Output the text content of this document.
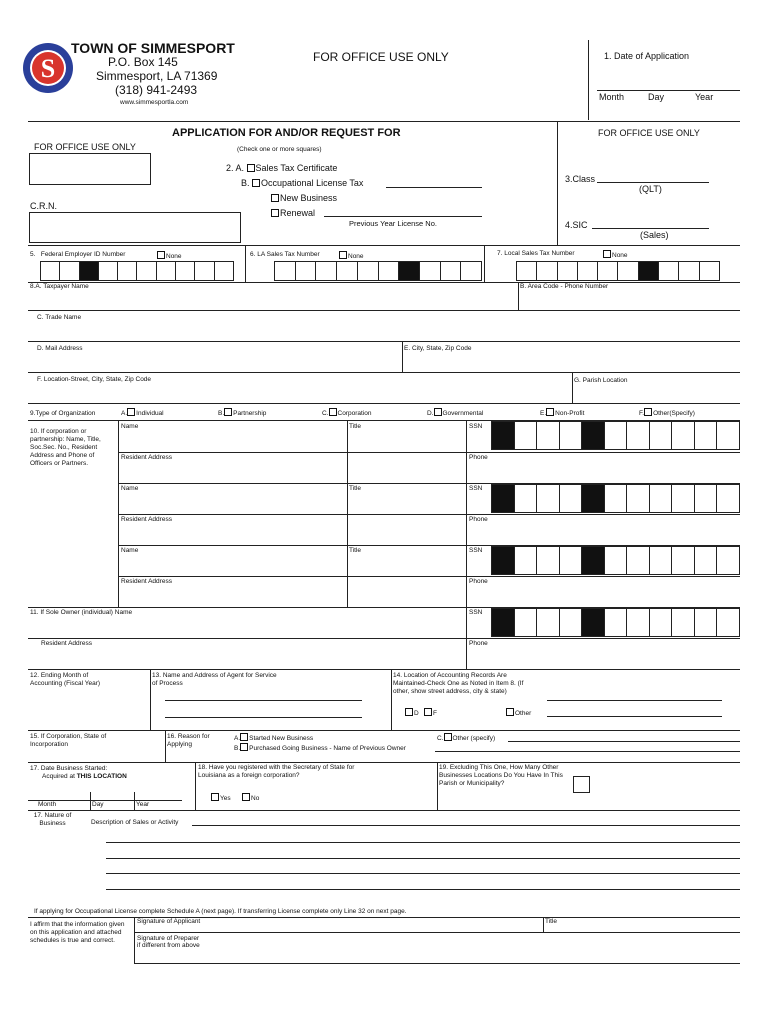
S
TOWN OF SIMMESPORT
P.O. Box 145
Simmesport, LA 71369
(318) 941-2493
www.simmesportla.com
FOR OFFICE USE ONLY	1. Date of Application
Month	Day	Year
APPLICATION FOR AND/OR REQUEST FOR
(Check one or more squares)
FOR OFFICE USE ONLY
FOR OFFICE USE ONLY
C.R.N.
2. A. Sales Tax Certificate
B. Occupational License Tax
New Business
Renewal
Previous Year License No.
3.Class
(QLT)
4.SIC
(Sales)
5. Federal Employer ID Number	None	6. LA Sales Tax Number	None	7. Local Sales Tax Number	None
8.A. Taxpayer Name	B. Area Code - Phone Number
C. Trade Name
D. Mail Address	E. City, State, Zip Code
F. Location-Street, City, State, Zip Code	G. Parish Location
9.Type of Organization	A. Individual	B. Partnership	C. Corporation	D. Governmental	E. Non-Profit	F. Other(Specify)
10. If corporation or partnership: Name, Title, Soc.Sec. No., Resident Address and Phone of Officers or Partners.
Name	Title	SSN
Resident Address	Phone
Name	Title	SSN
Resident Address	Phone
Name	Title	SSN
Resident Address	Phone
11. If Sole Owner (individual) Name	SSN
Resident Address	Phone
12. Ending Month of Accounting (Fiscal Year)
13. Name and Address of Agent for Service of Process
14. Location of Accounting Records Are Maintained-Check One as Noted in Item 8. (If other, show street address, city & state)
D	F	Other
15. If Corporation, State of Incorporation
16. Reason for Applying
A. Started New Business
B. Purchased Going Business - Name of Previous Owner
C. Other (specify)
17. Date Business Started:
Acquired at THIS LOCATION
Month	Day	Year
18. Have you registered with the Secretary of State for Louisiana as a foreign corporation?
Yes	No
19. Excluding This One, How Many Other Businesses Locations Do You Have In This Parish or Municipality?
17. Nature of Business	Description of Sales or Activity
If applying for Occupational License complete Schedule A (next page). If transferring License complete only Line 32 on next page.
I affirm that the information given on this application and attached schedules is true and correct.
Signature of Applicant	Title
Signature of Preparer
if different from above
